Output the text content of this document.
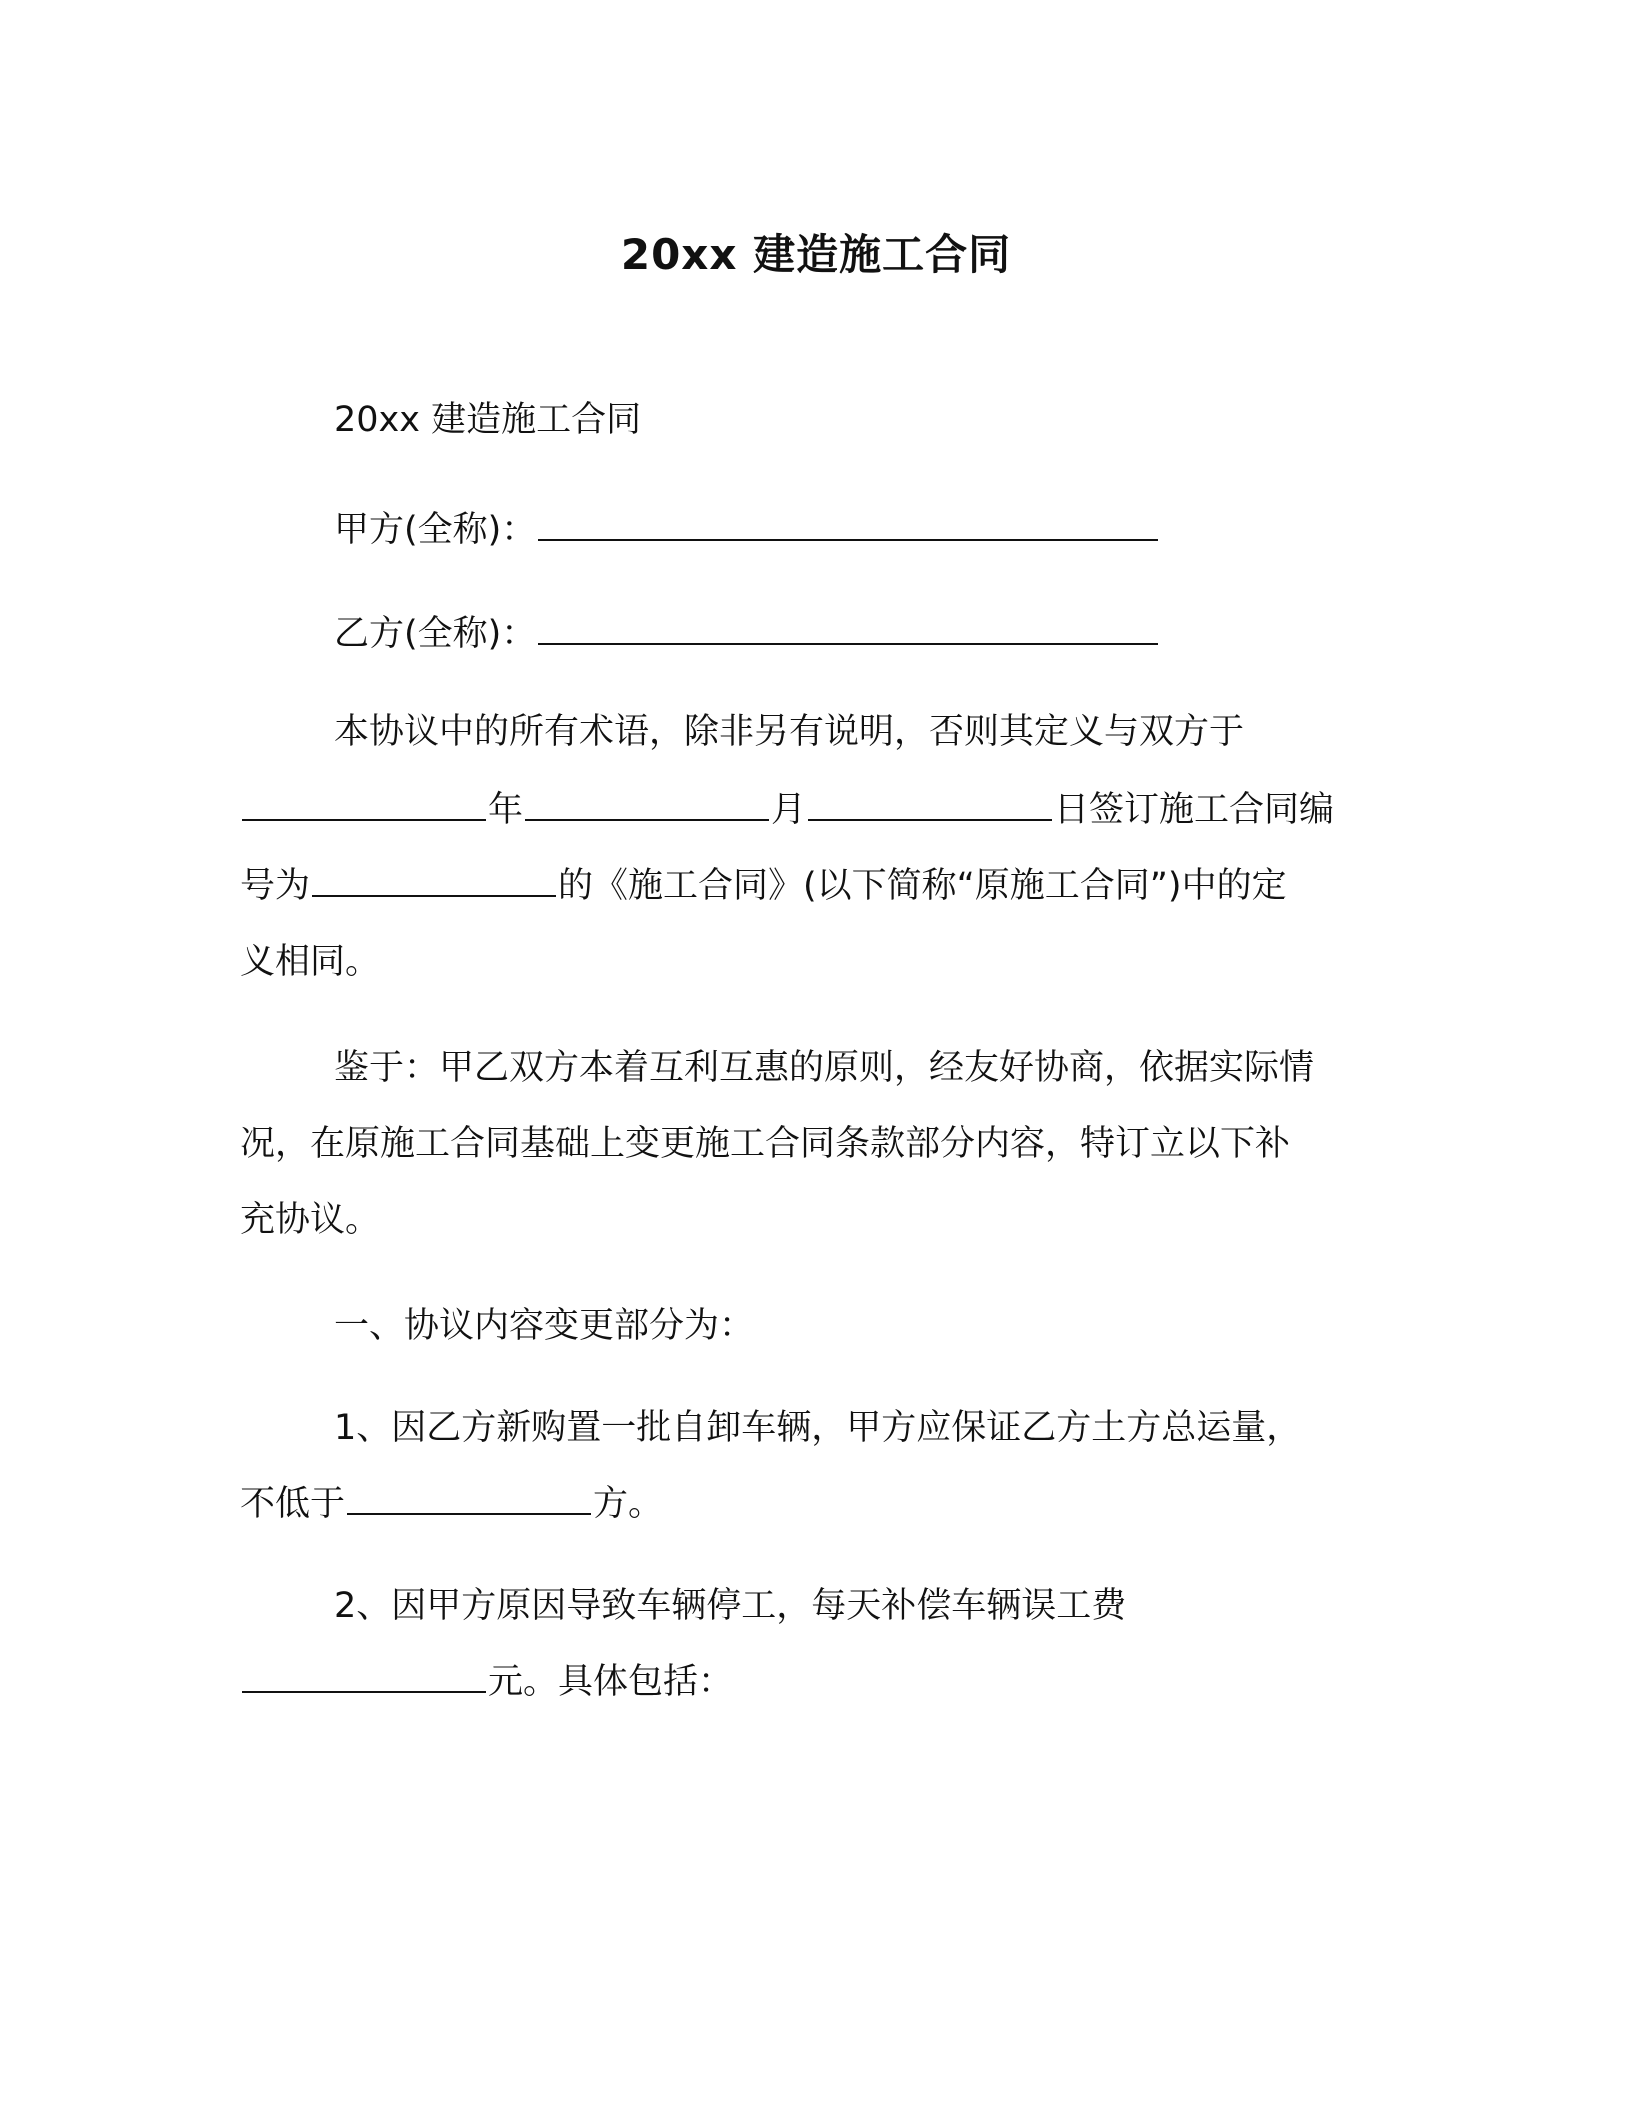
20xx 建造施工合同
20xx 建造施工合同
甲方(全称)：
乙方(全称)：
本协议中的所有术语，除非另有说明，否则其定义与双方于
年	月	日签订施工合同编
号为	的《施工合同》(以下简称“原施工合同”)中的定
义相同。
鉴于：甲乙双方本着互利互惠的原则，经友好协商，依据实际情
况，在原施工合同基础上变更施工合同条款部分内容，特订立以下补
充协议。
一、协议内容变更部分为：
1、因乙方新购置一批自卸车辆，甲方应保证乙方土方总运量，
不低于	方。
2、因甲方原因导致车辆停工，每天补偿车辆误工费
元。具体包括：
